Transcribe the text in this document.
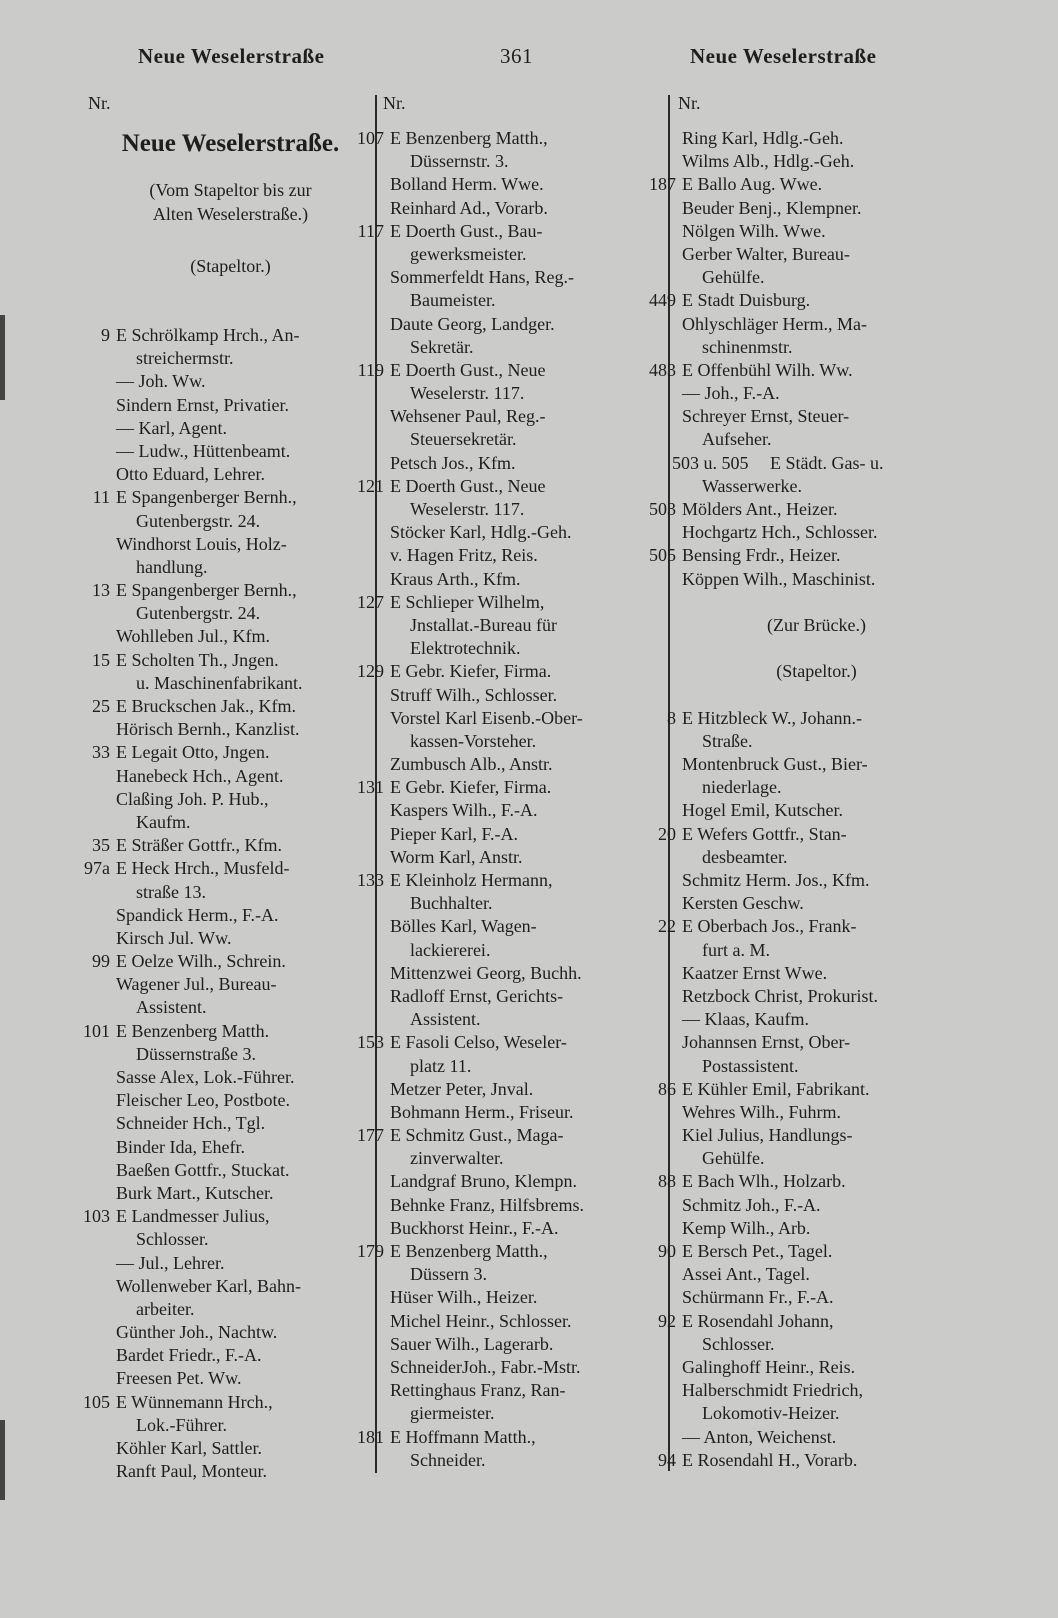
Neue Weselerstraße	361	Neue Weselerstraße
Nr.
Neue Weselerstraße.
(Vom Stapeltor bis zur
Alten Weselerstraße.)
(Stapeltor.)
9 E Schrölkamp Hrch., An-
streichermstr.
— Joh. Ww.
Sindern Ernst, Privatier.
— Karl, Agent.
— Ludw., Hüttenbeamt.
Otto Eduard, Lehrer.
11 E Spangenberger Bernh.,
Gutenbergstr. 24.
Windhorst Louis, Holz-
handlung.
13 E Spangenberger Bernh.,
Gutenbergstr. 24.
Wohlleben Jul., Kfm.
15 E Scholten Th., Jngen.
u. Maschinenfabrikant.
25 E Bruckschen Jak., Kfm.
Hörisch Bernh., Kanzlist.
33 E Legait Otto, Jngen.
Hanebeck Hch., Agent.
Claßing Joh. P. Hub.,
Kaufm.
35 E Sträßer Gottfr., Kfm.
97a E Heck Hrch., Musfeld-
straße 13.
Spandick Herm., F.-A.
Kirsch Jul. Ww.
99 E Oelze Wilh., Schrein.
Wagener Jul., Bureau-
Assistent.
101 E Benzenberg Matth.
Düssernstraße 3.
Sasse Alex, Lok.-Führer.
Fleischer Leo, Postbote.
Schneider Hch., Tgl.
Binder Ida, Ehefr.
Baeßen Gottfr., Stuckat.
Burk Mart., Kutscher.
103 E Landmesser Julius,
Schlosser.
— Jul., Lehrer.
Wollenweber Karl, Bahn-
arbeiter.
Günther Joh., Nachtw.
Bardet Friedr., F.-A.
Freesen Pet. Ww.
105 E Wünnemann Hrch.,
Lok.-Führer.
Köhler Karl, Sattler.
Ranft Paul, Monteur.
Nr.
107 E Benzenberg Matth.,
Düssernstr. 3.
Bolland Herm. Wwe.
Reinhard Ad., Vorarb.
117 E Doerth Gust., Bau-
gewerksmeister.
Sommerfeldt Hans, Reg.-
Baumeister.
Daute Georg, Landger.
Sekretär.
119 E Doerth Gust., Neue
Weselerstr. 117.
Wehsener Paul, Reg.-
Steuersekretär.
Petsch Jos., Kfm.
121 E Doerth Gust., Neue
Weselerstr. 117.
Stöcker Karl, Hdlg.-Geh.
v. Hagen Fritz, Reis.
Kraus Arth., Kfm.
127 E Schlieper Wilhelm,
Jnstallat.-Bureau für
Elektrotechnik.
129 E Gebr. Kiefer, Firma.
Struff Wilh., Schlosser.
Vorstel Karl Eisenb.-Ober-
kassen-Vorsteher.
Zumbusch Alb., Anstr.
131 E Gebr. Kiefer, Firma.
Kaspers Wilh., F.-A.
Pieper Karl, F.-A.
Worm Karl, Anstr.
133 E Kleinholz Hermann,
Buchhalter.
Bölles Karl, Wagen-
lackiererei.
Mittenzwei Georg, Buchh.
Radloff Ernst, Gerichts-
Assistent.
153 E Fasoli Celso, Weseler-
platz 11.
Metzer Peter, Jnval.
Bohmann Herm., Friseur.
177 E Schmitz Gust., Maga-
zinverwalter.
Landgraf Bruno, Klempn.
Behnke Franz, Hilfsbrems.
Buckhorst Heinr., F.-A.
179 E Benzenberg Matth.,
Düssern 3.
Hüser Wilh., Heizer.
Michel Heinr., Schlosser.
Sauer Wilh., Lagerarb.
SchneiderJoh., Fabr.-Mstr.
Rettinghaus Franz, Ran-
giermeister.
181 E Hoffmann Matth.,
Schneider.
Nr.
Ring Karl, Hdlg.-Geh.
Wilms Alb., Hdlg.-Geh.
187 E Ballo Aug. Wwe.
Beuder Benj., Klempner.
Nölgen Wilh. Wwe.
Gerber Walter, Bureau-
Gehülfe.
449 E Stadt Duisburg.
Ohlyschläger Herm., Ma-
schinenmstr.
483 E Offenbühl Wilh. Ww.
— Joh., F.-A.
Schreyer Ernst, Steuer-
Aufseher.
503 u. 505 E Städt. Gas- u.
Wasserwerke.
503 Mölders Ant., Heizer.
Hochgartz Hch., Schlosser.
505 Bensing Frdr., Heizer.
Köppen Wilh., Maschinist.
(Zur Brücke.)
(Stapeltor.)
8 E Hitzbleck W., Johann.-
Straße.
Montenbruck Gust., Bier-
niederlage.
Hogel Emil, Kutscher.
20 E Wefers Gottfr., Stan-
desbeamter.
Schmitz Herm. Jos., Kfm.
Kersten Geschw.
22 E Oberbach Jos., Frank-
furt a. M.
Kaatzer Ernst Wwe.
Retzbock Christ, Prokurist.
— Klaas, Kaufm.
Johannsen Ernst, Ober-
Postassistent.
86 E Kühler Emil, Fabrikant.
Wehres Wilh., Fuhrm.
Kiel Julius, Handlungs-
Gehülfe.
88 E Bach Wlh., Holzarb.
Schmitz Joh., F.-A.
Kemp Wilh., Arb.
90 E Bersch Pet., Tagel.
Assei Ant., Tagel.
Schürmann Fr., F.-A.
92 E Rosendahl Johann,
Schlosser.
Galinghoff Heinr., Reis.
Halberschmidt Friedrich,
Lokomotiv-Heizer.
— Anton, Weichenst.
94 E Rosendahl H., Vorarb.
